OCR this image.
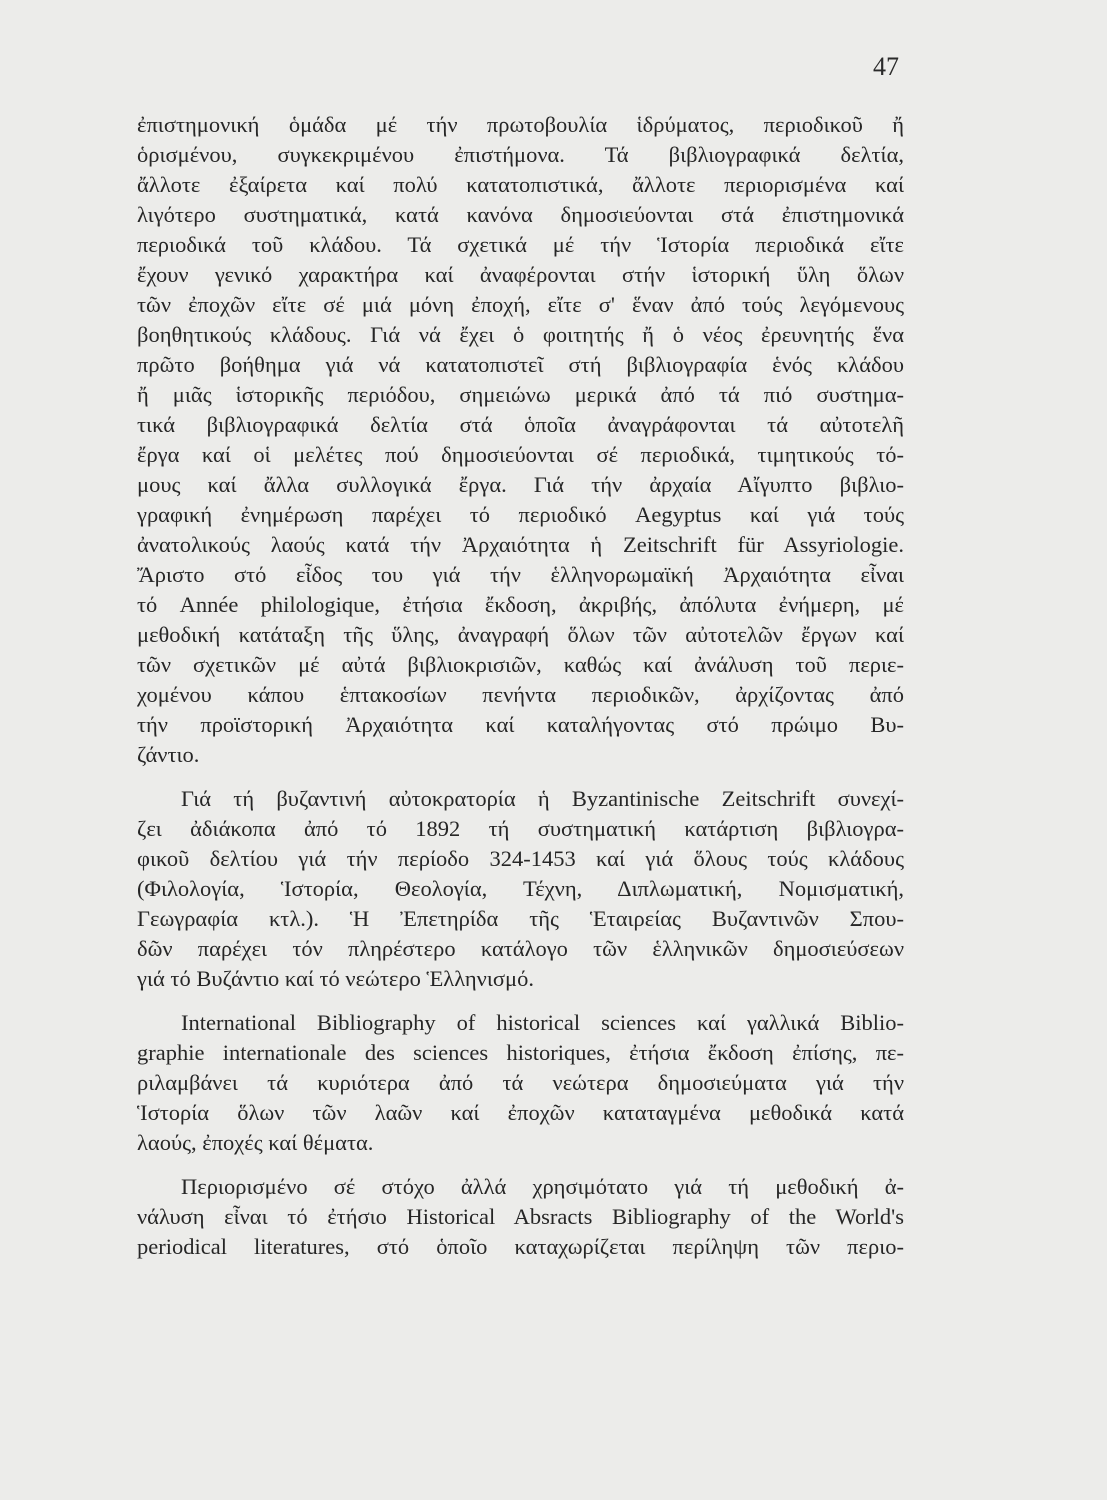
47
ἐπιστημονική ὁμάδα μέ τήν πρωτοβουλία ἱδρύματος, περιοδικοῦ ἤ
ὁρισμένου, συγκεκριμένου ἐπιστήμονα. Τά βιβλιογραφικά δελτία,
ἄλλοτε ἐξαίρετα καί πολύ κατατοπιστικά, ἄλλοτε περιορισμένα καί
λιγότερο συστηματικά, κατά κανόνα δημοσιεύονται στά ἐπιστημονικά
περιοδικά τοῦ κλάδου. Τά σχετικά μέ τήν Ἱστορία περιοδικά εἴτε
ἔχουν γενικό χαρακτήρα καί ἀναφέρονται στήν ἱστορική ὕλη ὅλων
τῶν ἐποχῶν εἴτε σέ μιά μόνη ἐποχή, εἴτε σ' ἕναν ἀπό τούς λεγόμενους
βοηθητικούς κλάδους. Γιά νά ἔχει ὁ φοιτητής ἤ ὁ νέος ἐρευνητής ἕνα
πρῶτο βοήθημα γιά νά κατατοπιστεῖ στή βιβλιογραφία ἑνός κλάδου
ἤ μιᾶς ἱστορικῆς περιόδου, σημειώνω μερικά ἀπό τά πιό συστημα-
τικά βιβλιογραφικά δελτία στά ὁποῖα ἀναγράφονται τά αὐτοτελῆ
ἔργα καί οἱ μελέτες πού δημοσιεύονται σέ περιοδικά, τιμητικούς τό-
μους καί ἄλλα συλλογικά ἔργα. Γιά τήν ἀρχαία Αἴγυπτο βιβλιο-
γραφική ἐνημέρωση παρέχει τό περιοδικό Aegyptus καί γιά τούς
ἀνατολικούς λαούς κατά τήν Ἀρχαιότητα ἡ Zeitschrift für Assyriologie.
Ἄριστο στό εἶδος του γιά τήν ἑλληνορωμαϊκή Ἀρχαιότητα εἶναι
τό Année philologique, ἐτήσια ἔκδοση, ἀκριβής, ἀπόλυτα ἐνήμερη, μέ
μεθοδική κατάταξη τῆς ὕλης, ἀναγραφή ὅλων τῶν αὐτοτελῶν ἔργων καί
τῶν σχετικῶν μέ αὐτά βιβλιοκρισιῶν, καθώς καί ἀνάλυση τοῦ περιε-
χομένου κάπου ἑπτακοσίων πενήντα περιοδικῶν, ἀρχίζοντας ἀπό
τήν προϊστορική Ἀρχαιότητα καί καταλήγοντας στό πρώιμο Βυ-
ζάντιο.
Γιά τή βυζαντινή αὐτοκρατορία ἡ Byzantinische Zeitschrift συνεχί-
ζει ἀδιάκοπα ἀπό τό 1892 τή συστηματική κατάρτιση βιβλιογρα-
φικοῦ δελτίου γιά τήν περίοδο 324-1453 καί γιά ὅλους τούς κλάδους
(Φιλολογία, Ἱστορία, Θεολογία, Τέχνη, Διπλωματική, Νομισματική,
Γεωγραφία κτλ.). Ἡ Ἐπετηρίδα τῆς Ἑταιρείας Βυζαντινῶν Σπου-
δῶν παρέχει τόν πληρέστερο κατάλογο τῶν ἑλληνικῶν δημοσιεύσεων
γιά τό Βυζάντιο καί τό νεώτερο Ἑλληνισμό.
International Bibliography of historical sciences καί γαλλικά Biblio-
graphie internationale des sciences historiques, ἐτήσια ἔκδοση ἐπίσης, πε-
ριλαμβάνει τά κυριότερα ἀπό τά νεώτερα δημοσιεύματα γιά τήν
Ἱστορία ὅλων τῶν λαῶν καί ἐποχῶν καταταγμένα μεθοδικά κατά
λαούς, ἐποχές καί θέματα.
Περιορισμένο σέ στόχο ἀλλά χρησιμότατο γιά τή μεθοδική ἀ-
νάλυση εἶναι τό ἐτήσιο Historical Absracts Bibliography of the World's
periodical literatures, στό ὁποῖο καταχωρίζεται περίληψη τῶν περιο-
